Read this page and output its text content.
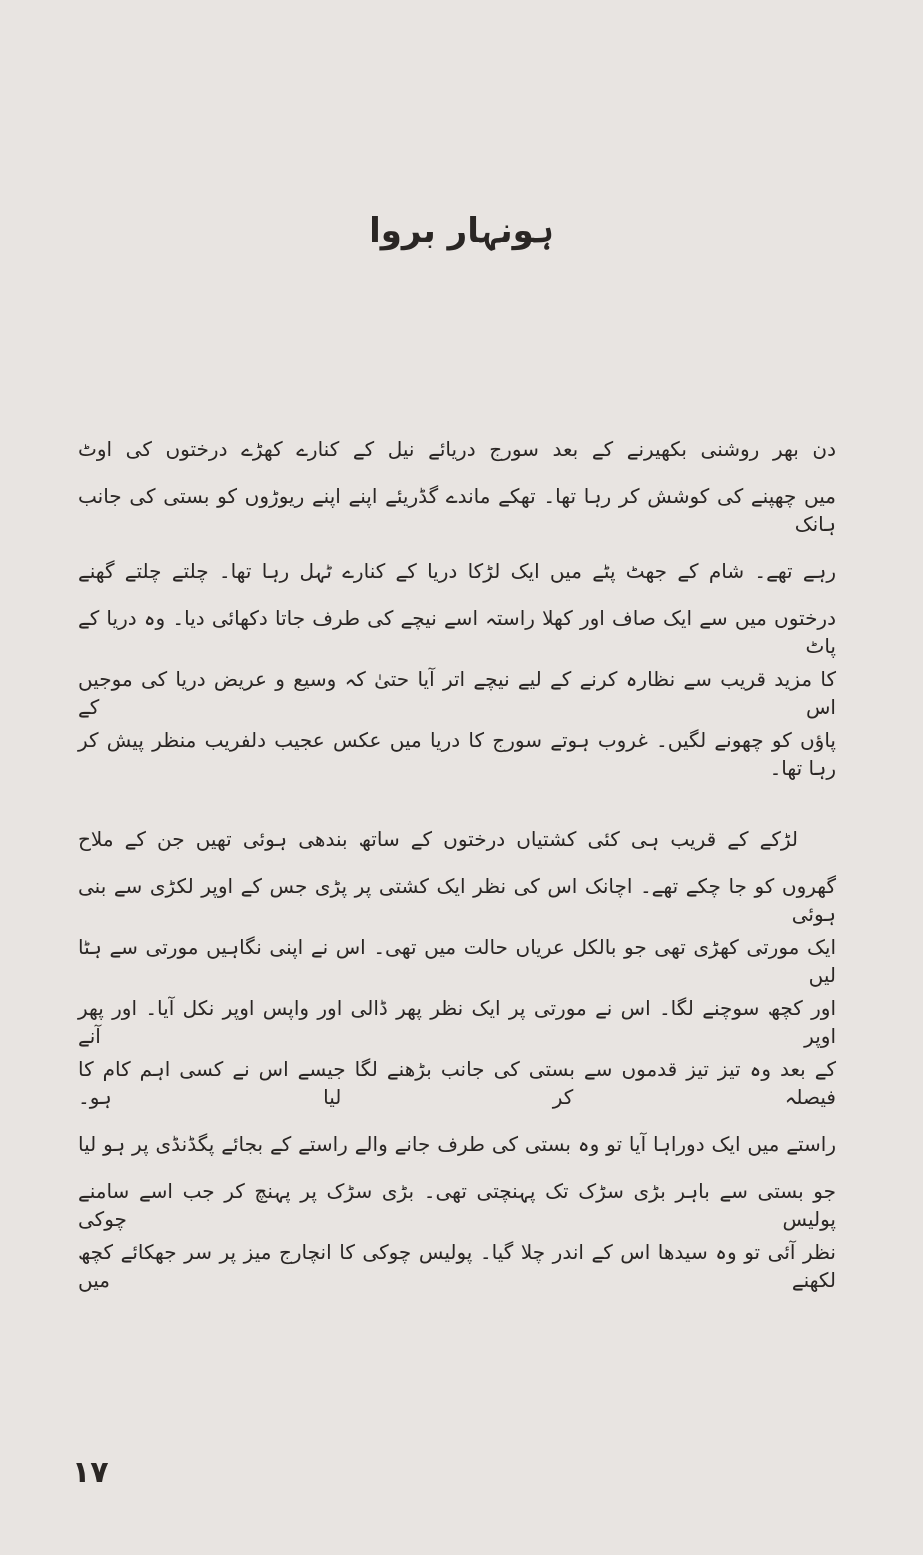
ہونہار بروا
دن بھر روشنی بکھیرنے کے بعد سورج دریائے نیل کے کنارے کھڑے درختوں کی اوٹ
میں چھپنے کی کوشش کر رہا تھا۔ تھکے ماندے گڈریئے اپنے اپنے ریوڑوں کو بستی کی جانب ہانک
رہے تھے۔ شام کے جھٹ پٹے میں ایک لڑکا دریا کے کنارے ٹہل رہا تھا۔ چلتے چلتے گھنے
درختوں میں سے ایک صاف اور کھلا راستہ اسے نیچے کی طرف جاتا دکھائی دیا۔ وہ دریا کے پاٹ
کا مزید قریب سے نظارہ کرنے کے لیے نیچے اتر آیا حتیٰ کہ وسیع و عریض دریا کی موجیں اس کے
پاؤں کو چھونے لگیں۔ غروب ہوتے سورج کا دریا میں عکس عجیب دلفریب منظر پیش کر رہا تھا۔
لڑکے کے قریب ہی کئی کشتیاں درختوں کے ساتھ بندھی ہوئی تھیں جن کے ملاح
گھروں کو جا چکے تھے۔ اچانک اس کی نظر ایک کشتی پر پڑی جس کے اوپر لکڑی سے بنی ہوئی
ایک مورتی کھڑی تھی جو بالکل عریاں حالت میں تھی۔ اس نے اپنی نگاہیں مورتی سے ہٹا لیں
اور کچھ سوچنے لگا۔ اس نے مورتی پر ایک نظر پھر ڈالی اور واپس اوپر نکل آیا۔ اور پھر اوپر آنے
کے بعد وہ تیز تیز قدموں سے بستی کی جانب بڑھنے لگا جیسے اس نے کسی اہم کام کا فیصلہ کر لیا ہو۔
راستے میں ایک دوراہا آیا تو وہ بستی کی طرف جانے والے راستے کے بجائے پگڈنڈی پر ہو لیا
جو بستی سے باہر بڑی سڑک تک پہنچتی تھی۔ بڑی سڑک پر پہنچ کر جب اسے سامنے پولیس چوکی
نظر آئی تو وہ سیدھا اس کے اندر چلا گیا۔ پولیس چوکی کا انچارج میز پر سر جھکائے کچھ لکھنے میں
۱۷
